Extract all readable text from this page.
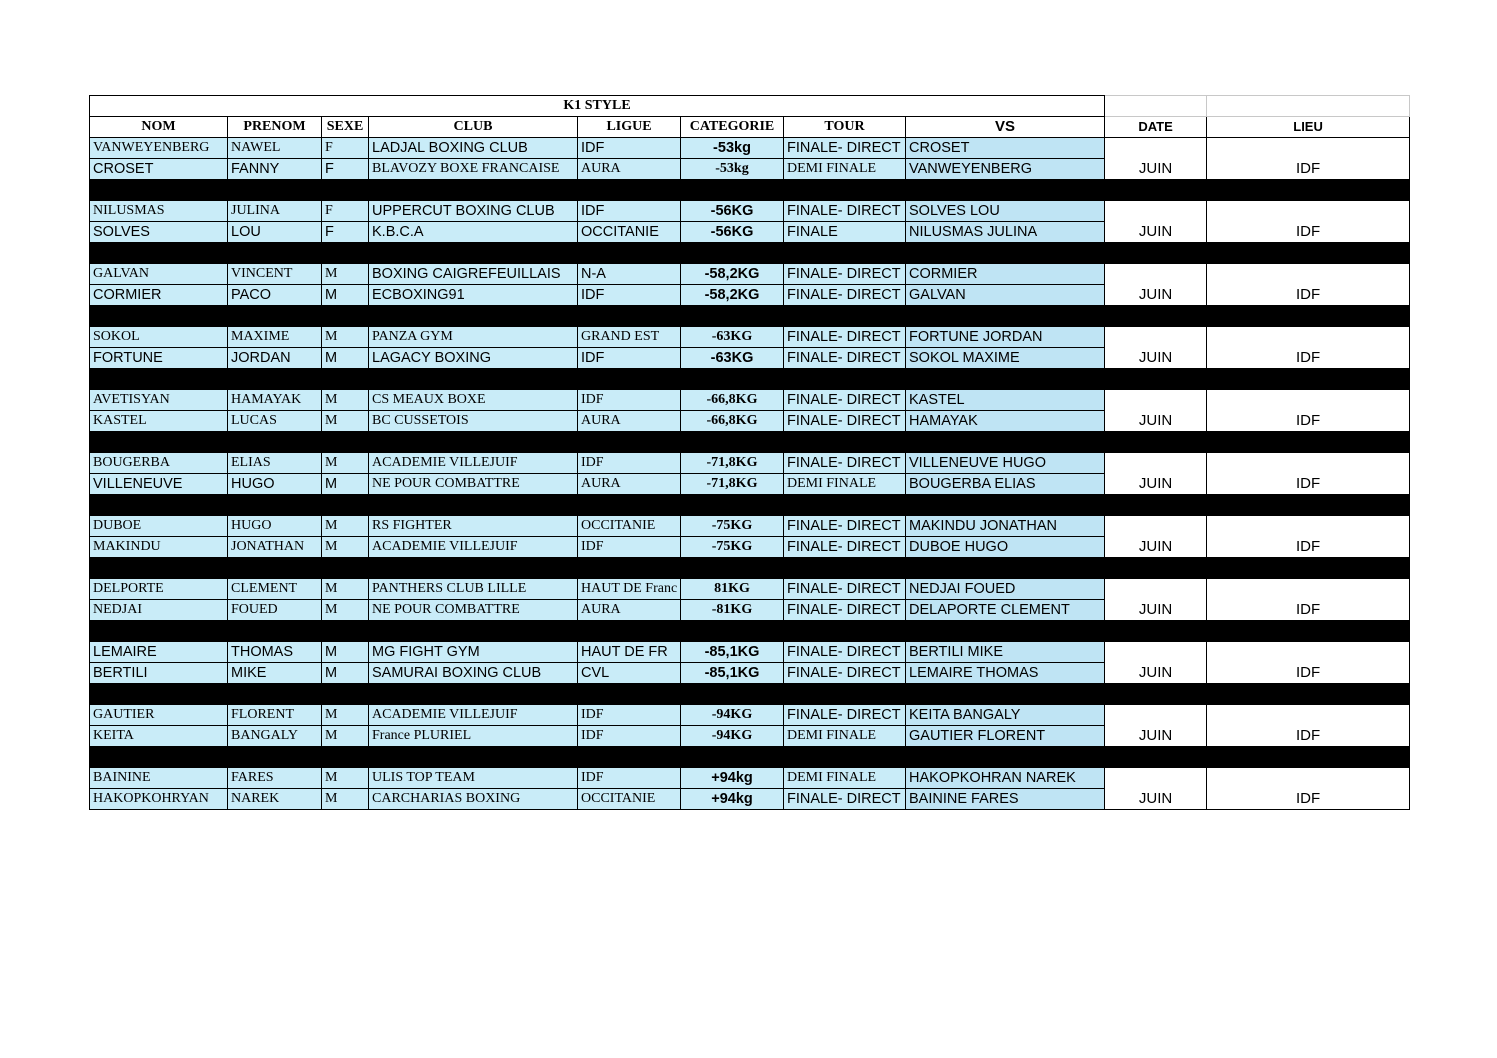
K1 STYLE									
NOM	PRENOM	SEXE	CLUB	LIGUE	CATEGORIE	TOUR	VS	DATE	LIEU
VANWEYENBERG	NAWEL	F	LADJAL BOXING CLUB	IDF	-53kg	FINALE- DIRECT	CROSET	JUIN	IDF
CROSET	FANNY	F	BLAVOZY BOXE FRANCAISE	AURA	-53kg	DEMI FINALE	VANWEYENBERG		

NILUSMAS	JULINA	F	UPPERCUT BOXING CLUB	IDF	-56KG	FINALE- DIRECT	SOLVES LOU	JUIN	IDF
SOLVES	LOU	F	K.B.C.A	OCCITANIE	-56KG	FINALE	NILUSMAS JULINA		

GALVAN	VINCENT	M	BOXING CAIGREFEUILLAIS	N-A	-58,2KG	FINALE- DIRECT	CORMIER	JUIN	IDF
CORMIER	PACO	M	ECBOXING91	IDF	-58,2KG	FINALE- DIRECT	GALVAN		

SOKOL	MAXIME	M	PANZA GYM	GRAND EST	-63KG	FINALE- DIRECT	FORTUNE JORDAN	JUIN	IDF
FORTUNE	JORDAN	M	LAGACY BOXING	IDF	-63KG	FINALE- DIRECT	SOKOL MAXIME		

AVETISYAN	HAMAYAK	M	CS MEAUX BOXE	IDF	-66,8KG	FINALE- DIRECT	KASTEL	JUIN	IDF
KASTEL	LUCAS	M	BC CUSSETOIS	AURA	-66,8KG	FINALE- DIRECT	HAMAYAK		

BOUGERBA	ELIAS	M	ACADEMIE VILLEJUIF	IDF	-71,8KG	FINALE- DIRECT	VILLENEUVE HUGO	JUIN	IDF
VILLENEUVE	HUGO	M	NE POUR COMBATTRE	AURA	-71,8KG	DEMI FINALE	BOUGERBA ELIAS		

DUBOE	HUGO	M	RS FIGHTER	OCCITANIE	-75KG	FINALE- DIRECT	MAKINDU JONATHAN	JUIN	IDF
MAKINDU	JONATHAN	M	ACADEMIE VILLEJUIF	IDF	-75KG	FINALE- DIRECT	DUBOE HUGO		

DELPORTE	CLEMENT	M	PANTHERS CLUB LILLE	HAUT DE Franc	81KG	FINALE- DIRECT	NEDJAI FOUED	JUIN	IDF
NEDJAI	FOUED	M	NE POUR COMBATTRE	AURA	-81KG	FINALE- DIRECT	DELAPORTE CLEMENT		

LEMAIRE	THOMAS	M	MG FIGHT GYM	HAUT DE FR	-85,1KG	FINALE- DIRECT	BERTILI MIKE	JUIN	IDF
BERTILI	MIKE	M	SAMURAI BOXING CLUB	CVL	-85,1KG	FINALE- DIRECT	LEMAIRE THOMAS		

GAUTIER	FLORENT	M	ACADEMIE VILLEJUIF	IDF	-94KG	FINALE- DIRECT	KEITA BANGALY	JUIN	IDF
KEITA	BANGALY	M	France PLURIEL	IDF	-94KG	DEMI FINALE	GAUTIER FLORENT		

BAININE	FARES	M	ULIS TOP TEAM	IDF	+94kg	DEMI FINALE	HAKOPKOHRAN NAREK	JUIN	IDF
HAKOPKOHRYAN	NAREK	M	CARCHARIAS BOXING	OCCITANIE	+94kg	FINALE- DIRECT	BAININE FARES		
